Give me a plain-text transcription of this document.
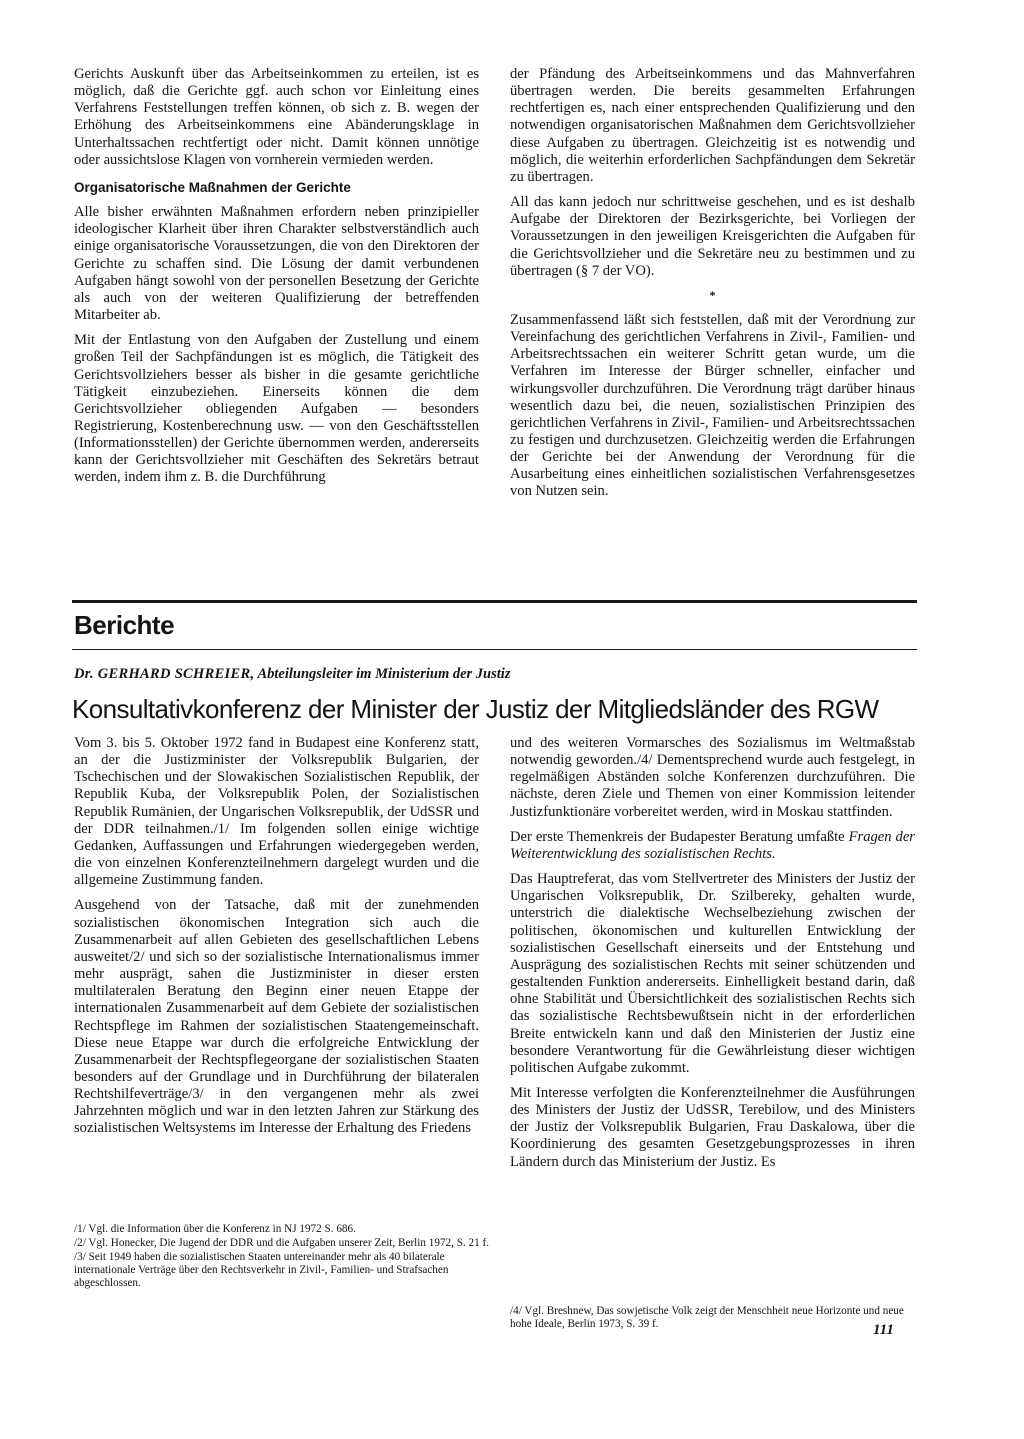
Gerichts Auskunft über das Arbeitseinkommen zu erteilen, ist es möglich, daß die Gerichte ggf. auch schon vor Einleitung eines Verfahrens Feststellungen treffen können, ob sich z. B. wegen der Erhöhung des Arbeitseinkommens eine Abänderungsklage in Unterhaltssachen rechtfertigt oder nicht. Damit können unnötige oder aussichtslose Klagen von vornherein vermieden werden.

Organisatorische Maßnahmen der Gerichte

Alle bisher erwähnten Maßnahmen erfordern neben prinzipieller ideologischer Klarheit über ihren Charakter selbstverständlich auch einige organisatorische Voraussetzungen, die von den Direktoren der Gerichte zu schaffen sind. Die Lösung der damit verbundenen Aufgaben hängt sowohl von der personellen Besetzung der Gerichte als auch von der weiteren Qualifizierung der betreffenden Mitarbeiter ab.

Mit der Entlastung von den Aufgaben der Zustellung und einem großen Teil der Sachpfändungen ist es möglich, die Tätigkeit des Gerichtsvollziehers besser als bisher in die gesamte gerichtliche Tätigkeit einzubeziehen. Einerseits können die dem Gerichtsvollzieher obliegenden Aufgaben — besonders Registrierung, Kostenberechnung usw. — von den Geschäftsstellen (Informationsstellen) der Gerichte übernommen werden, andererseits kann der Gerichtsvollzieher mit Geschäften des Sekretärs betraut werden, indem ihm z. B. die Durchführung

der Pfändung des Arbeitseinkommens und das Mahnverfahren übertragen werden. Die bereits gesammelten Erfahrungen rechtfertigen es, nach einer entsprechenden Qualifizierung und den notwendigen organisatorischen Maßnahmen dem Gerichtsvollzieher diese Aufgaben zu übertragen. Gleichzeitig ist es notwendig und möglich, die weiterhin erforderlichen Sachpfändungen dem Sekretär zu übertragen.

All das kann jedoch nur schrittweise geschehen, und es ist deshalb Aufgabe der Direktoren der Bezirksgerichte, bei Vorliegen der Voraussetzungen in den jeweiligen Kreisgerichten die Aufgaben für die Gerichtsvollzieher und die Sekretäre neu zu bestimmen und zu übertragen (§ 7 der VO).

*

Zusammenfassend läßt sich feststellen, daß mit der Verordnung zur Vereinfachung des gerichtlichen Verfahrens in Zivil-, Familien- und Arbeitsrechtssachen ein weiterer Schritt getan wurde, um die Verfahren im Interesse der Bürger schneller, einfacher und wirkungsvoller durchzuführen. Die Verordnung trägt darüber hinaus wesentlich dazu bei, die neuen, sozialistischen Prinzipien des gerichtlichen Verfahrens in Zivil-, Familien- und Arbeitsrechtssachen zu festigen und durchzusetzen. Gleichzeitig werden die Erfahrungen der Gerichte bei der Anwendung der Verordnung für die Ausarbeitung eines einheitlichen sozialistischen Verfahrensgesetzes von Nutzen sein.

Berichte
Dr. GERHARD SCHREIER, Abteilungsleiter im Ministerium der Justiz
Konsultativkonferenz der Minister der Justiz der Mitgliedsländer des RGW

Vom 3. bis 5. Oktober 1972 fand in Budapest eine Konferenz statt, an der die Justizminister der Volksrepublik Bulgarien, der Tschechischen und der Slowakischen Sozialistischen Republik, der Republik Kuba, der Volksrepublik Polen, der Sozialistischen Republik Rumänien, der Ungarischen Volksrepublik, der UdSSR und der DDR teilnahmen./1/ Im folgenden sollen einige wichtige Gedanken, Auffassungen und Erfahrungen wiedergegeben werden, die von einzelnen Konferenzteilnehmern dargelegt wurden und die allgemeine Zustimmung fanden.

Ausgehend von der Tatsache, daß mit der zunehmenden sozialistischen ökonomischen Integration sich auch die Zusammenarbeit auf allen Gebieten des gesellschaftlichen Lebens ausweitet/2/ und sich so der sozialistische Internationalismus immer mehr ausprägt, sahen die Justizminister in dieser ersten multilateralen Beratung den Beginn einer neuen Etappe der internationalen Zusammenarbeit auf dem Gebiete der sozialistischen Rechtspflege im Rahmen der sozialistischen Staatengemeinschaft. Diese neue Etappe war durch die erfolgreiche Entwicklung der Zusammenarbeit der Rechtspflegeorgane der sozialistischen Staaten besonders auf der Grundlage und in Durchführung der bilateralen Rechtshilfeverträge/3/ in den vergangenen mehr als zwei Jahrzehnten möglich und war in den letzten Jahren zur Stärkung des sozialistischen Weltsystems im Interesse der Erhaltung des Friedens

und des weiteren Vormarsches des Sozialismus im Weltmaßstab notwendig geworden./4/ Dementsprechend wurde auch festgelegt, in regelmäßigen Abständen solche Konferenzen durchzuführen. Die nächste, deren Ziele und Themen von einer Kommission leitender Justizfunktionäre vorbereitet werden, wird in Moskau stattfinden.

Der erste Themenkreis der Budapester Beratung umfaßte Fragen der Weiterentwicklung des sozialistischen Rechts.

Das Hauptreferat, das vom Stellvertreter des Ministers der Justiz der Ungarischen Volksrepublik, Dr. Szilbereky, gehalten wurde, unterstrich die dialektische Wechselbeziehung zwischen der politischen, ökonomischen und kulturellen Entwicklung der sozialistischen Gesellschaft einerseits und der Entstehung und Ausprägung des sozialistischen Rechts mit seiner schützenden und gestaltenden Funktion andererseits. Einhelligkeit bestand darin, daß ohne Stabilität und Übersichtlichkeit des sozialistischen Rechts sich das sozialistische Rechtsbewußtsein nicht in der erforderlichen Breite entwickeln kann und daß den Ministerien der Justiz eine besondere Verantwortung für die Gewährleistung dieser wichtigen politischen Aufgabe zukommt.

Mit Interesse verfolgten die Konferenzteilnehmer die Ausführungen des Ministers der Justiz der UdSSR, Terebilow, und des Ministers der Justiz der Volksrepublik Bulgarien, Frau Daskalowa, über die Koordinierung des gesamten Gesetzgebungsprozesses in ihren Ländern durch das Ministerium der Justiz. Es

/1/ Vgl. die Information über die Konferenz in NJ 1972 S. 686.
/2/ Vgl. Honecker, Die Jugend der DDR und die Aufgaben unserer Zeit, Berlin 1972, S. 21 f.
/3/ Seit 1949 haben die sozialistischen Staaten untereinander mehr als 40 bilaterale internationale Verträge über den Rechtsverkehr in Zivil-, Familien- und Strafsachen abgeschlossen.
/4/ Vgl. Breshnew, Das sowjetische Volk zeigt der Menschheit neue Horizonte und neue hohe Ideale, Berlin 1973, S. 39 f.	111
